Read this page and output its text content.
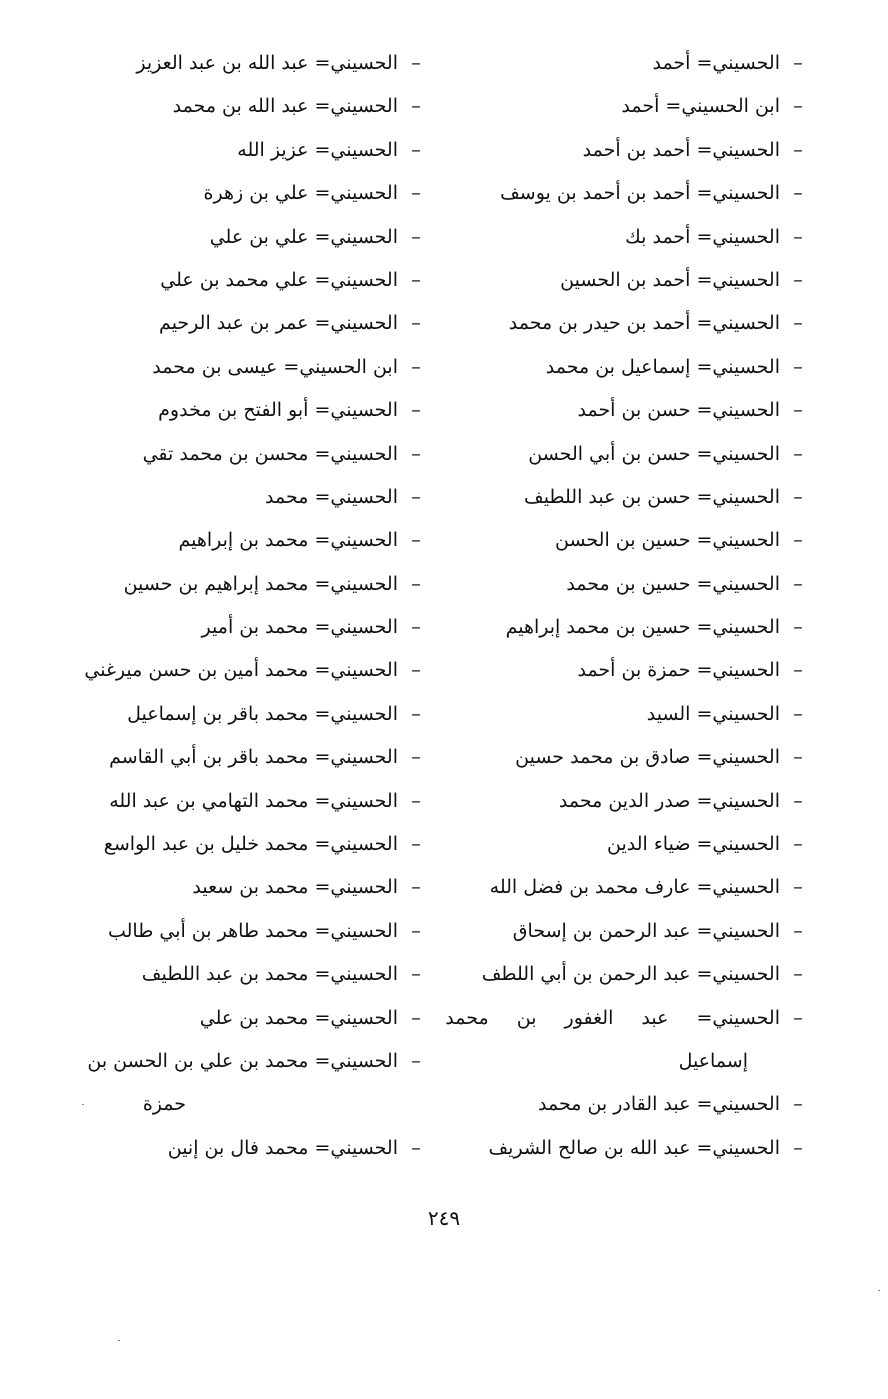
–الحسيني= أحمد
–ابن الحسيني= أحمد
–الحسيني= أحمد بن أحمد
–الحسيني= أحمد بن أحمد بن يوسف
–الحسيني= أحمد بك
–الحسيني= أحمد بن الحسين
–الحسيني= أحمد بن حيدر بن محمد
–الحسيني= إسماعيل بن محمد
–الحسيني= حسن بن أحمد
–الحسيني= حسن بن أبي الحسن
–الحسيني= حسن بن عبد اللطيف
–الحسيني= حسين بن الحسن
–الحسيني= حسين بن محمد
–الحسيني= حسين بن محمد إبراهيم
–الحسيني= حمزة بن أحمد
–الحسيني= السيد
–الحسيني= صادق بن محمد حسين
–الحسيني= صدر الدين محمد
–الحسيني= ضياء الدين
–الحسيني= عارف محمد بن فضل الله
–الحسيني= عبد الرحمن بن إسحاق
–الحسيني= عبد الرحمن بن أبي اللطف
–الحسيني= عبد الغفور بن محمد
إسماعيل
–الحسيني= عبد القادر بن محمد
–الحسيني= عبد الله بن صالح الشريف
–الحسيني= عبد الله بن عبد العزيز
–الحسيني= عبد الله بن محمد
–الحسيني= عزيز الله
–الحسيني= علي بن زهرة
–الحسيني= علي بن علي
–الحسيني= علي محمد بن علي
–الحسيني= عمر بن عبد الرحيم
–ابن الحسيني= عيسى بن محمد
–الحسيني= أبو الفتح بن مخدوم
–الحسيني= محسن بن محمد تقي
–الحسيني= محمد
–الحسيني= محمد بن إبراهيم
–الحسيني= محمد إبراهيم بن حسين
–الحسيني= محمد بن أمير
–الحسيني= محمد أمين بن حسن ميرغني
–الحسيني= محمد باقر بن إسماعيل
–الحسيني= محمد باقر بن أبي القاسم
–الحسيني= محمد التهامي بن عبد الله
–الحسيني= محمد خليل بن عبد الواسع
–الحسيني= محمد بن سعيد
–الحسيني= محمد طاهر بن أبي طالب
–الحسيني= محمد بن عبد اللطيف
–الحسيني= محمد بن علي
–الحسيني= محمد بن علي بن الحسن بن
حمزة
–الحسيني= محمد فال بن إنين
٢٤٩
